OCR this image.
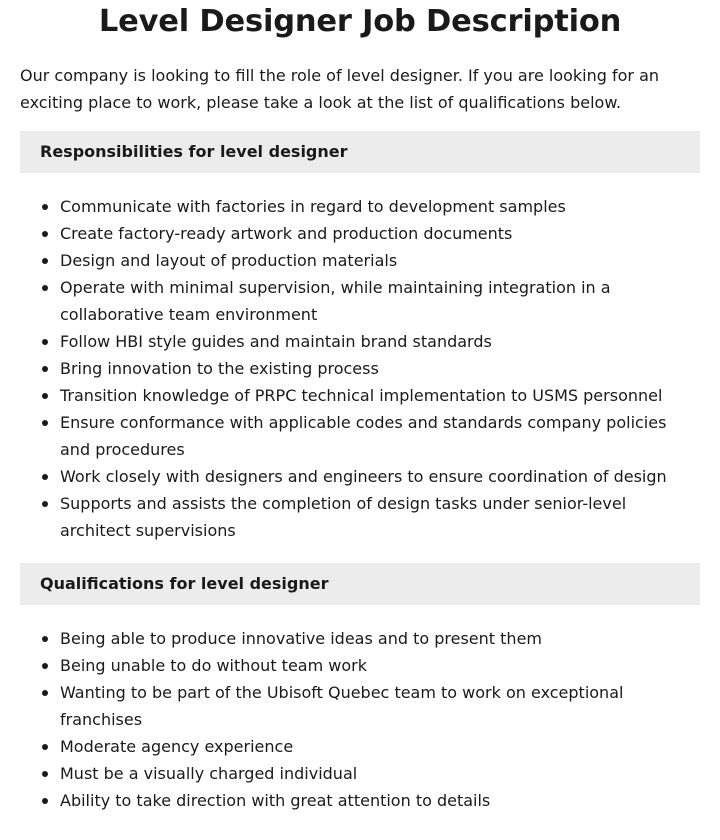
Level Designer Job Description

Our company is looking to fill the role of level designer. If you are looking for an exciting place to work, please take a look at the list of qualifications below.

Responsibilities for level designer
Communicate with factories in regard to development samples
Create factory-ready artwork and production documents
Design and layout of production materials
Operate with minimal supervision, while maintaining integration in a collaborative team environment
Follow HBI style guides and maintain brand standards
Bring innovation to the existing process
Transition knowledge of PRPC technical implementation to USMS personnel
Ensure conformance with applicable codes and standards company policies and procedures
Work closely with designers and engineers to ensure coordination of design
Supports and assists the completion of design tasks under senior-level architect supervisions
Qualifications for level designer
Being able to produce innovative ideas and to present them
Being unable to do without team work
Wanting to be part of the Ubisoft Quebec team to work on exceptional franchises
Moderate agency experience
Must be a visually charged individual
Ability to take direction with great attention to details
